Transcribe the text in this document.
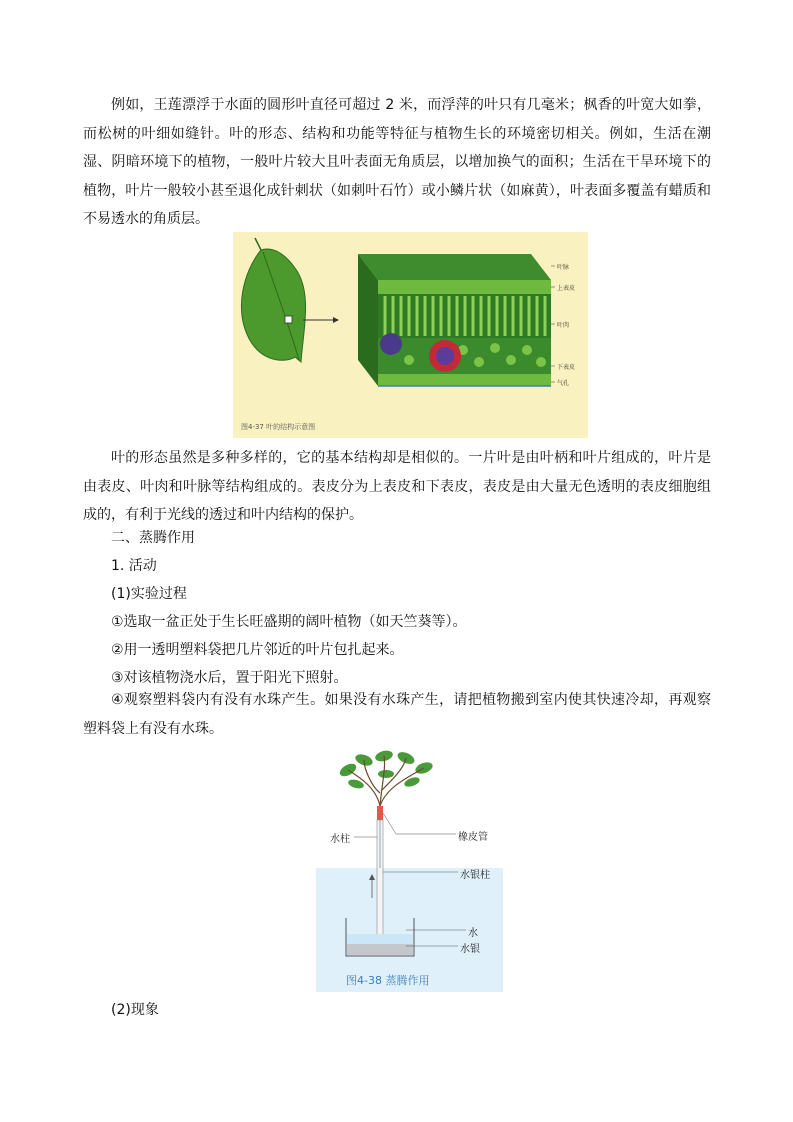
例如，王莲漂浮于水面的圆形叶直径可超过 2 米，而浮萍的叶只有几毫米；枫香的叶宽大如拳，而松树的叶细如缝针。叶的形态、结构和功能等特征与植物生长的环境密切相关。例如，生活在潮湿、阴暗环境下的植物，一般叶片较大且叶表面无角质层，以增加换气的面积；生活在干旱环境下的植物，叶片一般较小甚至退化成针刺状（如刺叶石竹）或小鳞片状（如麻黄），叶表面多覆盖有蜡质和不易透水的角质层。

叶脉
上表皮
叶肉
下表皮
气孔
图4-37 叶的结构示意图

叶的形态虽然是多种多样的，它的基本结构却是相似的。一片叶是由叶柄和叶片组成的，叶片是由表皮、叶肉和叶脉等结构组成的。表皮分为上表皮和下表皮，表皮是由大量无色透明的表皮细胞组成的，有利于光线的透过和叶内结构的保护。

二、蒸腾作用
1. 活动
(1)实验过程
①选取一盆正处于生长旺盛期的阔叶植物（如天竺葵等）。
②用一透明塑料袋把几片邻近的叶片包扎起来。
③对该植物浇水后，置于阳光下照射。

④观察塑料袋内有没有水珠产生。如果没有水珠产生，请把植物搬到室内使其快速冷却，再观察塑料袋上有没有水珠。

水柱	橡皮管
水银柱
水
水银
图4-38 蒸腾作用
(2)现象
